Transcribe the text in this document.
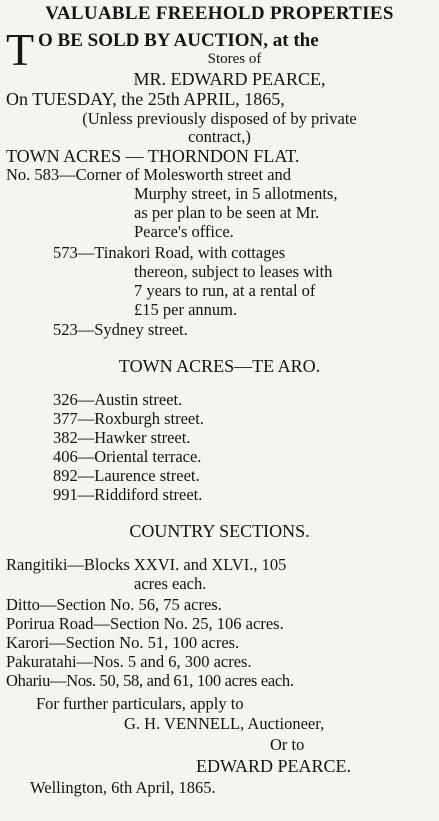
VALUABLE FREEHOLD PROPERTIES
T O BE SOLD BY AUCTION, at the
Stores of
MR. EDWARD PEARCE,
On TUESDAY, the 25th APRIL, 1865,
(Unless previously disposed of by private
contract,)
TOWN ACRES — THORNDON FLAT.
No. 583—Corner of Molesworth street and
Murphy street, in 5 allotments,
as per plan to be seen at Mr.
Pearce's office.
573—Tinakori Road, with cottages
thereon, subject to leases with
7 years to run, at a rental of
£15 per annum.
523—Sydney street.
TOWN ACRES—TE ARO.
326—Austin street.
377—Roxburgh street.
382—Hawker street.
406—Oriental terrace.
892—Laurence street.
991—Riddiford street.
COUNTRY SECTIONS.
Rangitiki—Blocks XXVI. and XLVI., 105
acres each.
Ditto—Section No. 56, 75 acres.
Porirua Road—Section No. 25, 106 acres.
Karori—Section No. 51, 100 acres.
Pakuratahi—Nos. 5 and 6, 300 acres.
Ohariu—Nos. 50, 58, and 61, 100 acres each.
For further particulars, apply to
G. H. VENNELL, Auctioneer,
Or to
EDWARD PEARCE.
Wellington, 6th April, 1865.
